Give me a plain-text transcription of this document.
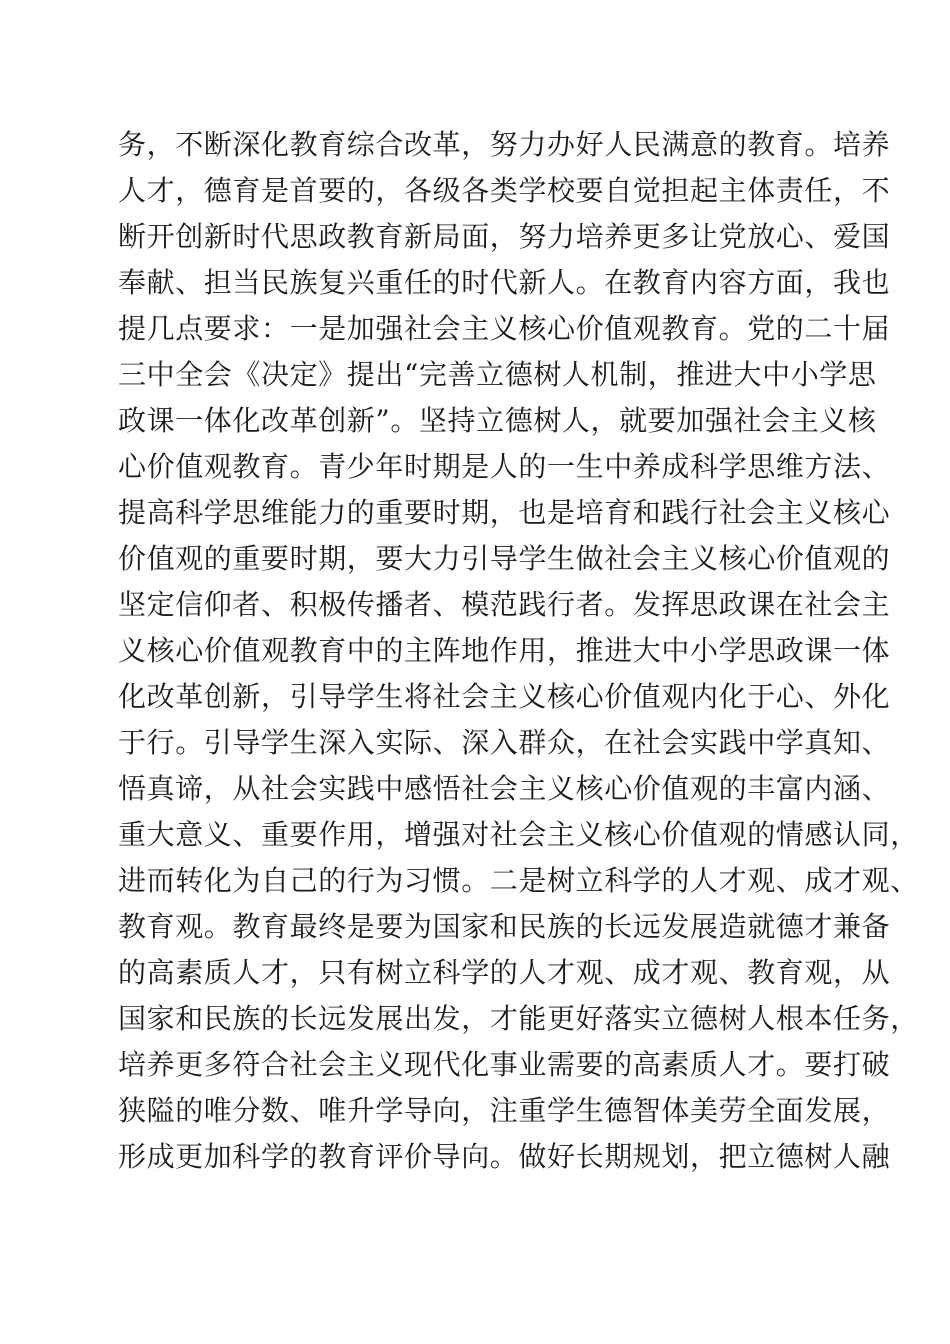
务，不断深化教育综合改革，努力办好人民满意的教育。培养
人才，德育是首要的，各级各类学校要自觉担起主体责任，不
断开创新时代思政教育新局面，努力培养更多让党放心、爱国
奉献、担当民族复兴重任的时代新人。在教育内容方面，我也
提几点要求：一是加强社会主义核心价值观教育。党的二十届
三中全会《决定》提出“完善立德树人机制，推进大中小学思
政课一体化改革创新”。坚持立德树人，就要加强社会主义核
心价值观教育。青少年时期是人的一生中养成科学思维方法、
提高科学思维能力的重要时期，也是培育和践行社会主义核心
价值观的重要时期，要大力引导学生做社会主义核心价值观的
坚定信仰者、积极传播者、模范践行者。发挥思政课在社会主
义核心价值观教育中的主阵地作用，推进大中小学思政课一体
化改革创新，引导学生将社会主义核心价值观内化于心、外化
于行。引导学生深入实际、深入群众，在社会实践中学真知、
悟真谛，从社会实践中感悟社会主义核心价值观的丰富内涵、
重大意义、重要作用，增强对社会主义核心价值观的情感认同，
进而转化为自己的行为习惯。二是树立科学的人才观、成才观、
教育观。教育最终是要为国家和民族的长远发展造就德才兼备
的高素质人才，只有树立科学的人才观、成才观、教育观，从
国家和民族的长远发展出发，才能更好落实立德树人根本任务，
培养更多符合社会主义现代化事业需要的高素质人才。要打破
狭隘的唯分数、唯升学导向，注重学生德智体美劳全面发展，
形成更加科学的教育评价导向。做好长期规划，把立德树人融
